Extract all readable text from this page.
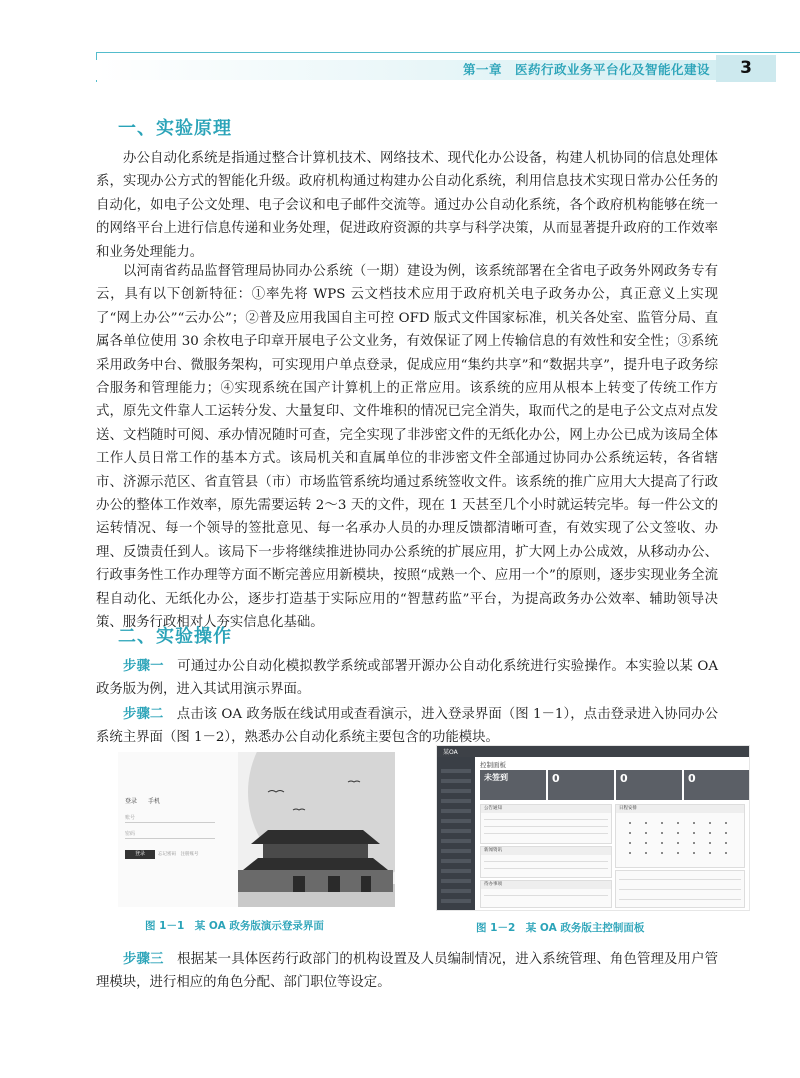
第一章　医药行政业务平台化及智能化建设	3
一、实验原理

办公自动化系统是指通过整合计算机技术、网络技术、现代化办公设备，构建人机协同的信息处理体系，实现办公方式的智能化升级。政府机构通过构建办公自动化系统，利用信息技术实现日常办公任务的自动化，如电子公文处理、电子会议和电子邮件交流等。通过办公自动化系统，各个政府机构能够在统一的网络平台上进行信息传递和业务处理，促进政府资源的共享与科学决策，从而显著提升政府的工作效率和业务处理能力。

以河南省药品监督管理局协同办公系统（一期）建设为例，该系统部署在全省电子政务外网政务专有云，具有以下创新特征：①率先将 WPS 云文档技术应用于政府机关电子政务办公，真正意义上实现了“网上办公”“云办公”；②普及应用我国自主可控 OFD 版式文件国家标准，机关各处室、监管分局、直属各单位使用 30 余枚电子印章开展电子公文业务，有效保证了网上传输信息的有效性和安全性；③系统采用政务中台、微服务架构，可实现用户单点登录，促成应用“集约共享”和“数据共享”，提升电子政务综合服务和管理能力；④实现系统在国产计算机上的正常应用。该系统的应用从根本上转变了传统工作方式，原先文件靠人工运转分发、大量复印、文件堆积的情况已完全消失，取而代之的是电子公文点对点发送、文档随时可阅、承办情况随时可查，完全实现了非涉密文件的无纸化办公，网上办公已成为该局全体工作人员日常工作的基本方式。该局机关和直属单位的非涉密文件全部通过协同办公系统运转，各省辖市、济源示范区、省直管县（市）市场监管系统均通过系统签收文件。该系统的推广应用大大提高了行政办公的整体工作效率，原先需要运转 2～3 天的文件，现在 1 天甚至几个小时就运转完毕。每一件公文的运转情况、每一个领导的签批意见、每一名承办人员的办理反馈都清晰可查，有效实现了公文签收、办理、反馈责任到人。该局下一步将继续推进协同办公系统的扩展应用，扩大网上办公成效，从移动办公、行政事务性工作办理等方面不断完善应用新模块，按照“成熟一个、应用一个”的原则，逐步实现业务全流程自动化、无纸化办公，逐步打造基于实际应用的“智慧药监”平台，为提高政务办公效率、辅助领导决策、服务行政相对人夯实信息化基础。

二、实验操作

步骤一　 可通过办公自动化模拟教学系统或部署开源办公自动化系统进行实验操作。本实验以某 OA 政务版为例，进入其试用演示界面。

步骤二　 点击该 OA 政务版在线试用或查看演示，进入登录界面（图 1－1），点击登录进入协同办公系统主界面（图 1－2），熟悉办公自动化系统主要包含的功能模块。

登录 手机
账号
密码
登录	忘记密码　注册账号
图 1－1　某 OA 政务版演示登录界面
某OA
控制面板
未签到	0	0	0
公告通知
新闻资讯
待办事项
日程安排
图 1－2　某 OA 政务版主控制面板

步骤三　 根据某一具体医药行政部门的机构设置及人员编制情况，进入系统管理、角色管理及用户管理模块，进行相应的角色分配、部门职位等设定。
